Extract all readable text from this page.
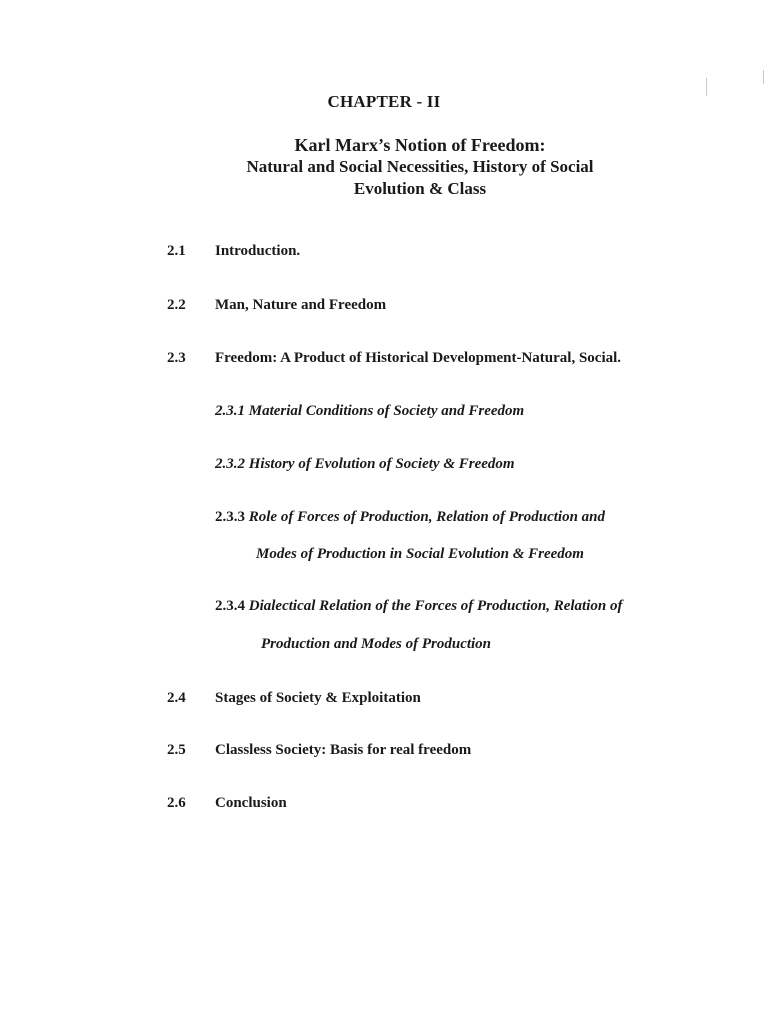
CHAPTER - II
Karl Marx’s Notion of Freedom:
Natural and Social Necessities, History of Social
Evolution & Class
2.1	Introduction.
2.2	Man, Nature and Freedom
2.3	Freedom: A Product of Historical Development-Natural, Social.
2.3.1 Material Conditions of Society and Freedom
2.3.2 History of Evolution of Society & Freedom
2.3.3 Role of Forces of Production, Relation of Production and
Modes of Production in Social Evolution & Freedom
2.3.4 Dialectical Relation of the Forces of Production, Relation of
Production and Modes of Production
2.4	Stages of Society & Exploitation
2.5	Classless Society: Basis for real freedom
2.6	Conclusion
